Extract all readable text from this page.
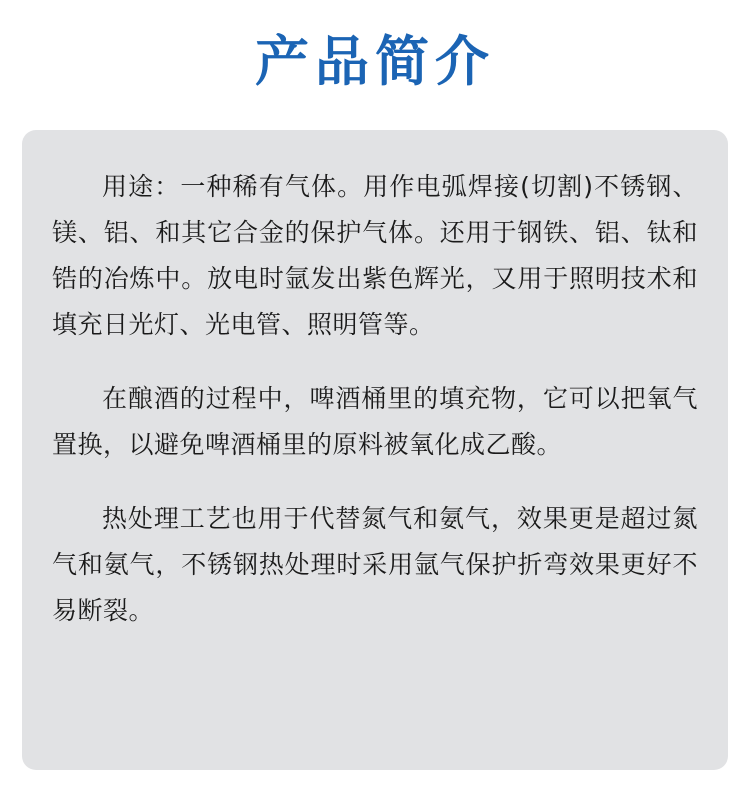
产品简介

用途：一种稀有气体。用作电弧焊接(切割)不锈钢、镁、铝、和其它合金的保护气体。还用于钢铁、铝、钛和锆的冶炼中。放电时氩发出紫色辉光，又用于照明技术和填充日光灯、光电管、照明管等。

在酿酒的过程中，啤酒桶里的填充物，它可以把氧气置换，以避免啤酒桶里的原料被氧化成乙酸。

热处理工艺也用于代替氮气和氨气，效果更是超过氮气和氨气，不锈钢热处理时采用氩气保护折弯效果更好不易断裂。
